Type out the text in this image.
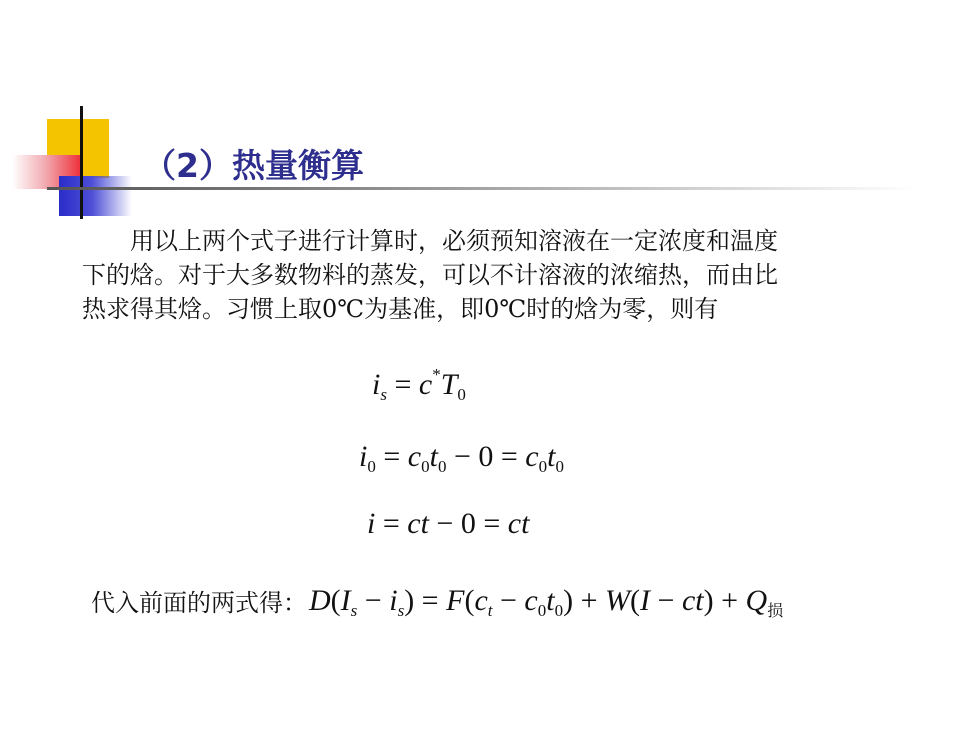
（2）热量衡算
用以上两个式子进行计算时，必须预知溶液在一定浓度和温度
下的焓。对于大多数物料的蒸发，可以不计溶液的浓缩热，而由比
热求得其焓。习惯上取0℃为基准，即0℃时的焓为零，则有
$i_s = c^*T_0$
$i_0 = c_0t_0 - 0 = c_0t_0$
i = ct − 0 = ct
代入前面的两式得：$D(I_s - i_s) = F(c_t - c_0t_0) + W(I - ct) + Q_损$
